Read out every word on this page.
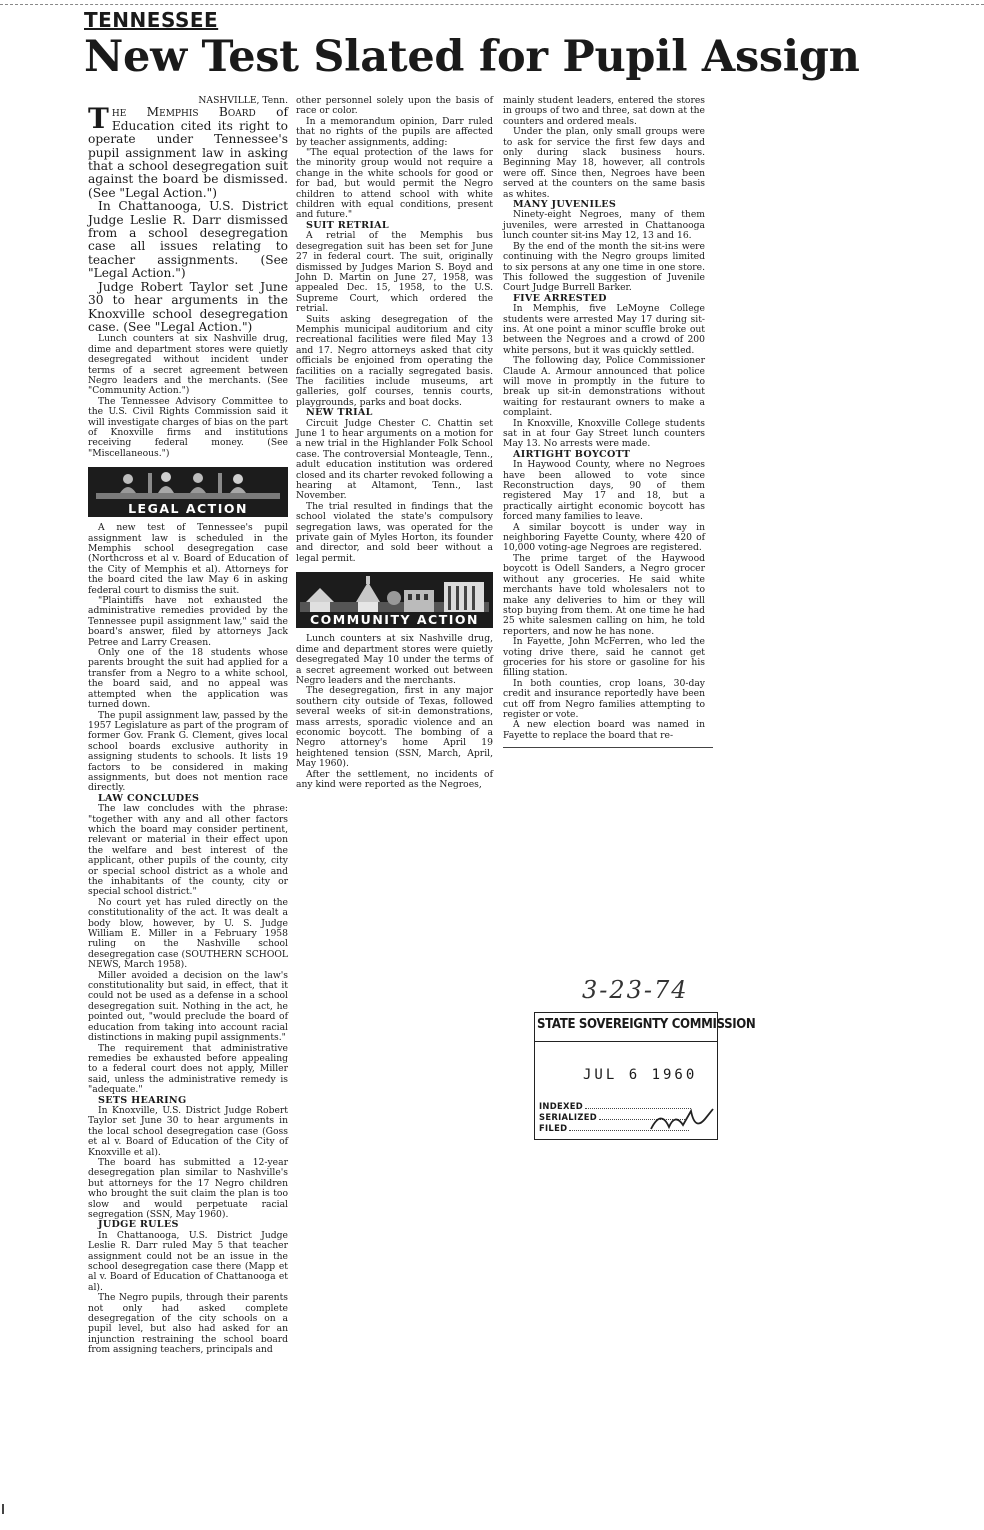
TENNESSEE
New Test Slated for Pupil Assign

NASHVILLE, Tenn.

The Memphis Board of Education cited its right to operate under Tennessee's pupil assignment law in asking that a school desegregation suit against the board be dismissed. (See "Legal Action.")

In Chattanooga, U.S. District Judge Leslie R. Darr dismissed from a school desegregation case all issues relating to teacher assignments. (See "Legal Action.")

Judge Robert Taylor set June 30 to hear arguments in the Knoxville school desegregation case. (See "Legal Action.")

Lunch counters at six Nashville drug, dime and department stores were quietly desegregated without incident under terms of a secret agreement between Negro leaders and the merchants. (See "Community Action.")

The Tennessee Advisory Committee to the U.S. Civil Rights Commission said it will investigate charges of bias on the part of Knoxville firms and institutions receiving federal money. (See "Miscellaneous.")

LEGAL ACTION

A new test of Tennessee's pupil assignment law is scheduled in the Memphis school desegregation case (Northcross et al v. Board of Education of the City of Memphis et al). Attorneys for the board cited the law May 6 in asking federal court to dismiss the suit.

"Plaintiffs have not exhausted the administrative remedies provided by the Tennessee pupil assignment law," said the board's answer, filed by attorneys Jack Petree and Larry Creasen.

Only one of the 18 students whose parents brought the suit had applied for a transfer from a Negro to a white school, the board said, and no appeal was attempted when the application was turned down.

The pupil assignment law, passed by the 1957 Legislature as part of the program of former Gov. Frank G. Clement, gives local school boards exclusive authority in assigning students to schools. It lists 19 factors to be considered in making assignments, but does not mention race directly.

LAW CONCLUDES

The law concludes with the phrase: "together with any and all other factors which the board may consider pertinent, relevant or material in their effect upon the welfare and best interest of the applicant, other pupils of the county, city or special school district as a whole and the inhabitants of the county, city or special school district."

No court yet has ruled directly on the constitutionality of the act. It was dealt a body blow, however, by U. S. Judge William E. Miller in a February 1958 ruling on the Nashville school desegregation case (SOUTHERN SCHOOL NEWS, March 1958).

Miller avoided a decision on the law's constitutionality but said, in effect, that it could not be used as a defense in a school desegregation suit. Nothing in the act, he pointed out, "would preclude the board of education from taking into account racial distinctions in making pupil assignments."

The requirement that administrative remedies be exhausted before appealing to a federal court does not apply, Miller said, unless the administrative remedy is "adequate."

SETS HEARING

In Knoxville, U.S. District Judge Robert Taylor set June 30 to hear arguments in the local school desegregation case (Goss et al v. Board of Education of the City of Knoxville et al).

The board has submitted a 12-year desegregation plan similar to Nashville's but attorneys for the 17 Negro children who brought the suit claim the plan is too slow and would perpetuate racial segregation (SSN, May 1960).

JUDGE RULES

In Chattanooga, U.S. District Judge Leslie R. Darr ruled May 5 that teacher assignment could not be an issue in the school desegregation case there (Mapp et al v. Board of Education of Chattanooga et al).

The Negro pupils, through their parents not only had asked complete desegregation of the city schools on a pupil level, but also had asked for an injunction restraining the school board from assigning teachers, principals and

other personnel solely upon the basis of race or color.

In a memorandum opinion, Darr ruled that no rights of the pupils are affected by teacher assignments, adding:

"The equal protection of the laws for the minority group would not require a change in the white schools for good or for bad, but would permit the Negro children to attend school with white children with equal conditions, present and future."

SUIT RETRIAL

A retrial of the Memphis bus desegregation suit has been set for June 27 in federal court. The suit, originally dismissed by Judges Marion S. Boyd and John D. Martin on June 27, 1958, was appealed Dec. 15, 1958, to the U.S. Supreme Court, which ordered the retrial.

Suits asking desegregation of the Memphis municipal auditorium and city recreational facilities were filed May 13 and 17. Negro attorneys asked that city officials be enjoined from operating the facilities on a racially segregated basis. The facilities include museums, art galleries, golf courses, tennis courts, playgrounds, parks and boat docks.

NEW TRIAL

Circuit Judge Chester C. Chattin set June 1 to hear arguments on a motion for a new trial in the Highlander Folk School case. The controversial Monteagle, Tenn., adult education institution was ordered closed and its charter revoked following a hearing at Altamont, Tenn., last November.

The trial resulted in findings that the school violated the state's compulsory segregation laws, was operated for the private gain of Myles Horton, its founder and director, and sold beer without a legal permit.

COMMUNITY ACTION

Lunch counters at six Nashville drug, dime and department stores were quietly desegregated May 10 under the terms of a secret agreement worked out between Negro leaders and the merchants.

The desegregation, first in any major southern city outside of Texas, followed several weeks of sit-in demonstrations, mass arrests, sporadic violence and an economic boycott. The bombing of a Negro attorney's home April 19 heightened tension (SSN, March, April, May 1960).

After the settlement, no incidents of any kind were reported as the Negroes,

mainly student leaders, entered the stores in groups of two and three, sat down at the counters and ordered meals.

Under the plan, only small groups were to ask for service the first few days and only during slack business hours. Beginning May 18, however, all controls were off. Since then, Negroes have been served at the counters on the same basis as whites.

MANY JUVENILES

Ninety-eight Negroes, many of them juveniles, were arrested in Chattanooga lunch counter sit-ins May 12, 13 and 16.

By the end of the month the sit-ins were continuing with the Negro groups limited to six persons at any one time in one store. This followed the suggestion of Juvenile Court Judge Burrell Barker.

FIVE ARRESTED

In Memphis, five LeMoyne College students were arrested May 17 during sit-ins. At one point a minor scuffle broke out between the Negroes and a crowd of 200 white persons, but it was quickly settled.

The following day, Police Commissioner Claude A. Armour announced that police will move in promptly in the future to break up sit-in demonstrations without waiting for restaurant owners to make a complaint.

In Knoxville, Knoxville College students sat in at four Gay Street lunch counters May 13. No arrests were made.

AIRTIGHT BOYCOTT

In Haywood County, where no Negroes have been allowed to vote since Reconstruction days, 90 of them registered May 17 and 18, but a practically airtight economic boycott has forced many families to leave.

A similar boycott is under way in neighboring Fayette County, where 420 of 10,000 voting-age Negroes are registered.

The prime target of the Haywood boycott is Odell Sanders, a Negro grocer without any groceries. He said white merchants have told wholesalers not to make any deliveries to him or they will stop buying from them. At one time he had 25 white salesmen calling on him, he told reporters, and now he has none.

In Fayette, John McFerren, who led the voting drive there, said he cannot get groceries for his store or gasoline for his filling station.

In both counties, crop loans, 30-day credit and insurance reportedly have been cut off from Negro families attempting to register or vote.

A new election board was named in Fayette to replace the board that re-

3-23-74
STATE SOVEREIGNTY COMMISSION
JUL 6 1960
INDEXED
SERIALIZED
FILED
